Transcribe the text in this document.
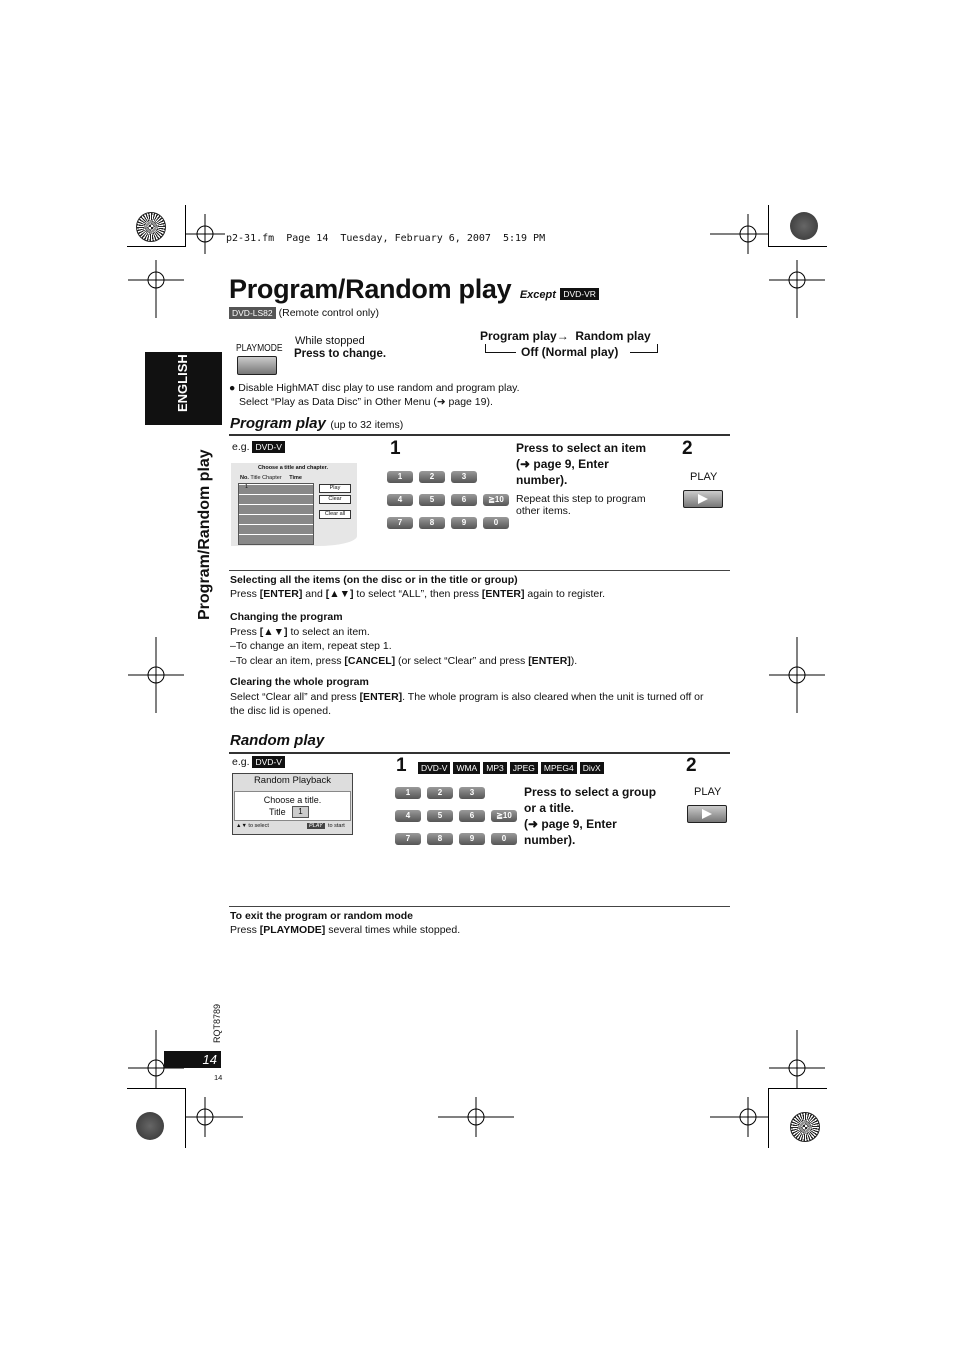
p2-31.fm  Page 14  Tuesday, February 6, 2007  5:19 PM
Program/Random play Except DVD-VR
DVD-LS82 (Remote control only)
ENGLISH
Program/Random play
PLAYMODE
While stopped
Press to change.
Program play→  Random play
Off (Normal play)
● Disable HighMAT disc play to use random and program play.
Select “Play as Data Disc” in Other Menu (➜ page 19).
Program play (up to 32 items)
e.g. DVD-V
Choose a title and chapter.
No. Title Chapter Time
1	Play
Clear
Clear all
1
1	2	3
4	5	6	≧10
7	8	9	0
Press to select an item
(➜ page 9, Enter
number).
Repeat this step to program
other items.
2
PLAY
Selecting all the items (on the disc or in the title or group)
Press [ENTER] and [▲▼] to select “ALL”, then press [ENTER] again to register.
Changing the program
Press [▲▼] to select an item.
–To change an item, repeat step 1.
–To clear an item, press [CANCEL] (or select “Clear” and press [ENTER]).
Clearing the whole program
Select “Clear all” and press [ENTER]. The whole program is also cleared when the unit is turned off or
the disc lid is opened.
Random play
e.g. DVD-V	1	DVD-V WMA MP3 JPEG MPEG4 DivX	2
Random Playback
Choose a title.
Title	1
▲▼ to select	PLAY to start
1	2	3
4	5	6	≧10
7	8	9	0
Press to select a group
or a title.
(➜ page 9, Enter
number).
PLAY
To exit the program or random mode
Press [PLAYMODE] several times while stopped.
RQT8789
14
14
